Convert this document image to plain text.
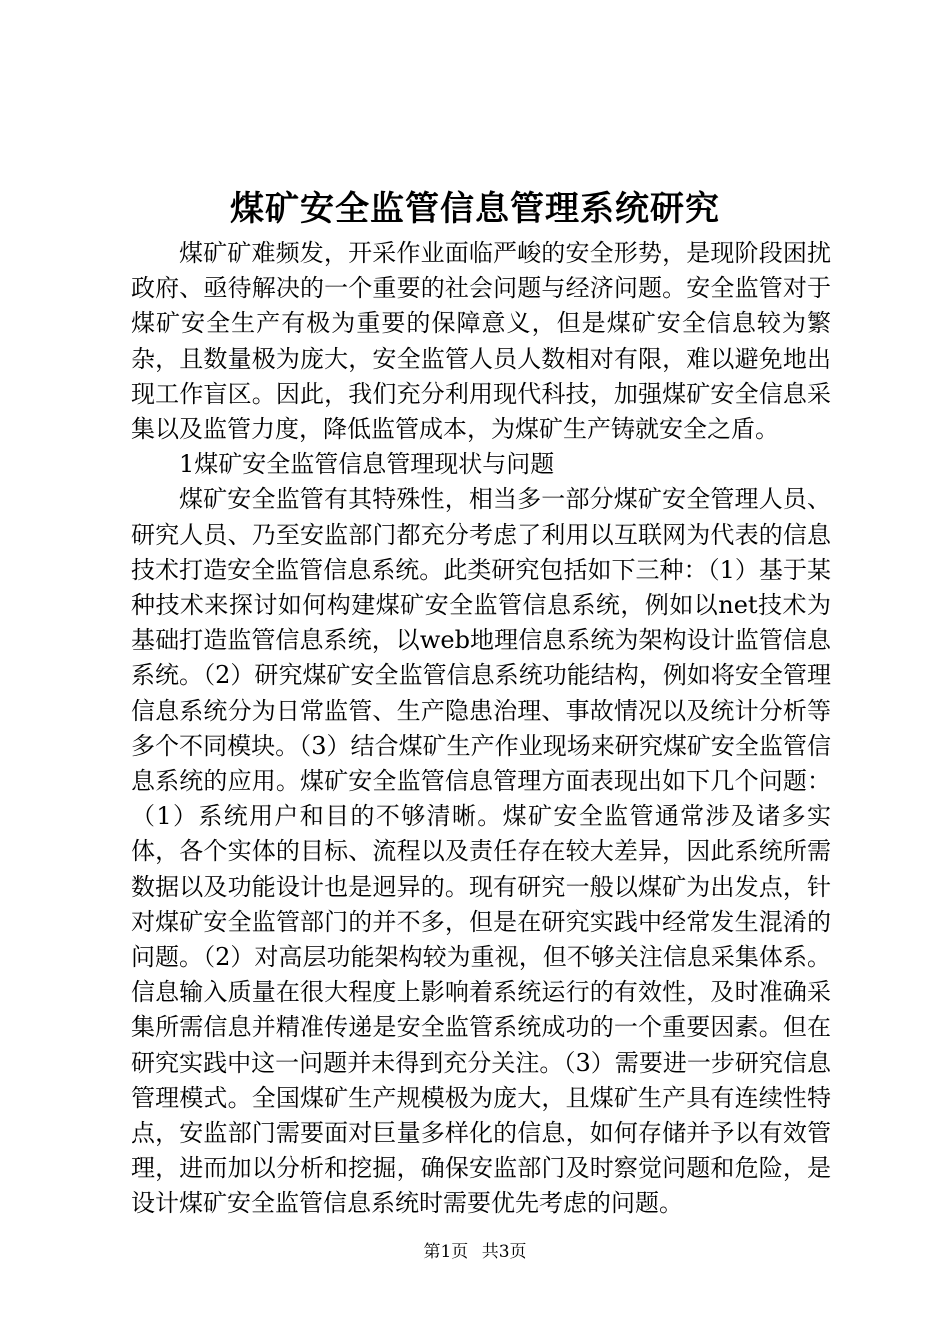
煤矿安全监管信息管理系统研究

煤矿矿难频发，开采作业面临严峻的安全形势，是现阶段困扰政府、亟待解决的一个重要的社会问题与经济问题。安全监管对于煤矿安全生产有极为重要的保障意义，但是煤矿安全信息较为繁杂，且数量极为庞大，安全监管人员人数相对有限，难以避免地出现工作盲区。因此，我们充分利用现代科技，加强煤矿安全信息采集以及监管力度，降低监管成本，为煤矿生产铸就安全之盾。

1煤矿安全监管信息管理现状与问题

煤矿安全监管有其特殊性，相当多一部分煤矿安全管理人员、研究人员、乃至安监部门都充分考虑了利用以互联网为代表的信息技术打造安全监管信息系统。此类研究包括如下三种：（1）基于某种技术来探讨如何构建煤矿安全监管信息系统，例如以net技术为基础打造监管信息系统，以web地理信息系统为架构设计监管信息系统。（2）研究煤矿安全监管信息系统功能结构，例如将安全管理信息系统分为日常监管、生产隐患治理、事故情况以及统计分析等多个不同模块。（3）结合煤矿生产作业现场来研究煤矿安全监管信息系统的应用。煤矿安全监管信息管理方面表现出如下几个问题：（1）系统用户和目的不够清晰。煤矿安全监管通常涉及诸多实体，各个实体的目标、流程以及责任存在较大差异，因此系统所需数据以及功能设计也是迥异的。现有研究一般以煤矿为出发点，针对煤矿安全监管部门的并不多，但是在研究实践中经常发生混淆的问题。（2）对高层功能架构较为重视，但不够关注信息采集体系。信息输入质量在很大程度上影响着系统运行的有效性，及时准确采集所需信息并精准传递是安全监管系统成功的一个重要因素。但在研究实践中这一问题并未得到充分关注。（3）需要进一步研究信息管理模式。全国煤矿生产规模极为庞大，且煤矿生产具有连续性特点，安监部门需要面对巨量多样化的信息，如何存储并予以有效管理，进而加以分析和挖掘，确保安监部门及时察觉问题和危险，是设计煤矿安全监管信息系统时需要优先考虑的问题。

第1页 共3页
